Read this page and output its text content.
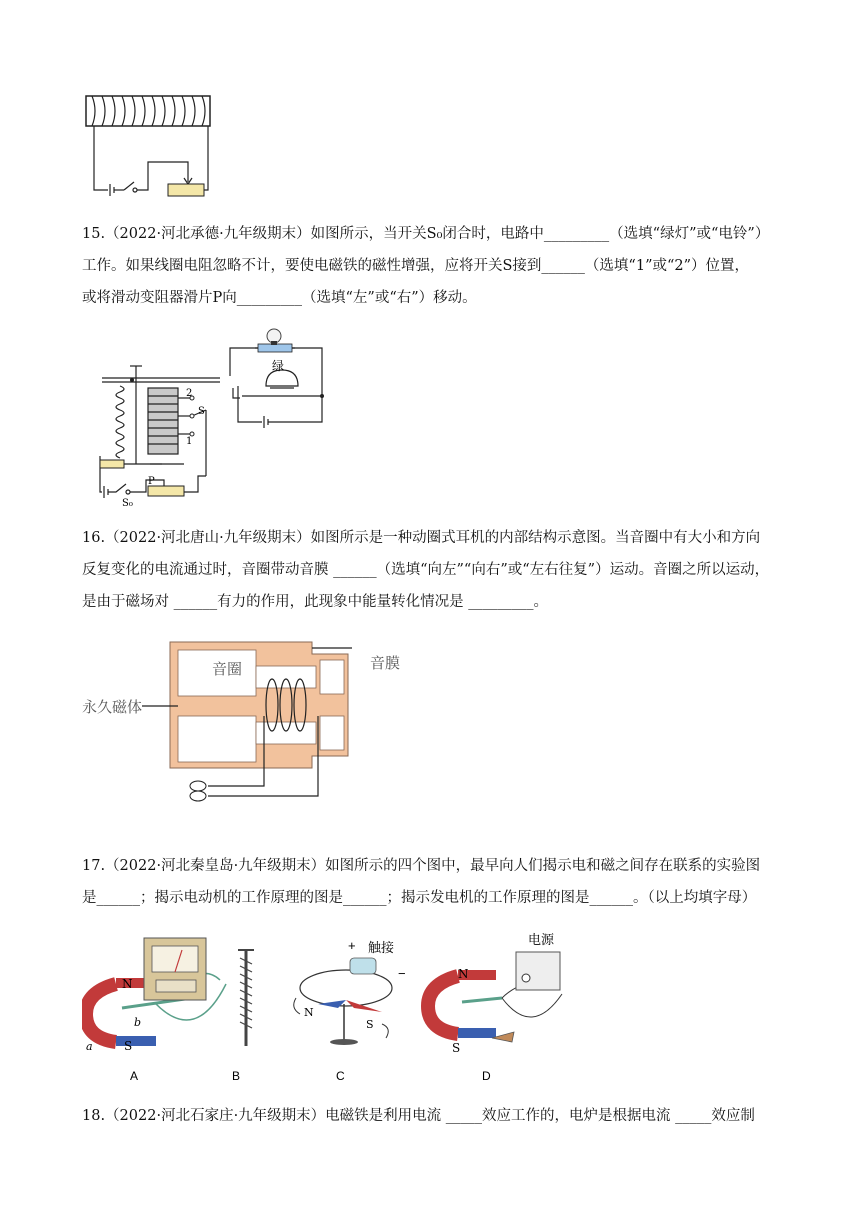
15.（2022·河北承德·九年级期末）如图所示，当开关S₀闭合时，电路中_________（选填“绿灯”或“电铃”）
工作。如果线圈电阻忽略不计，要使电磁铁的磁性增强，应将开关S接到______（选填“1”或“2”）位置，
或将滑动变阻器滑片P向_________（选填“左”或“右”）移动。
绿
2
S
1
P
S₀
16.（2022·河北唐山·九年级期末）如图所示是一种动圈式耳机的内部结构示意图。当音圈中有大小和方向
反复变化的电流通过时，音圈带动音膜 ______（选填“向左”“向右”或“左右往复”）运动。音圈之所以运动，
是由于磁场对 ______有力的作用，此现象中能量转化情况是 _________。
音圈	音膜
永久磁体
17.（2022·河北秦皇岛·九年级期末）如图所示的四个图中，最早向人们揭示电和磁之间存在联系的实验图
是______；揭示电动机的工作原理的图是______；揭示发电机的工作原理的图是______。（以上均填字母）
N
b
S
a
A	B
+
−
触接
N
S
C
N
S
电源
D
18.（2022·河北石家庄·九年级期末）电磁铁是利用电流 _____效应工作的，电炉是根据电流 _____效应制
